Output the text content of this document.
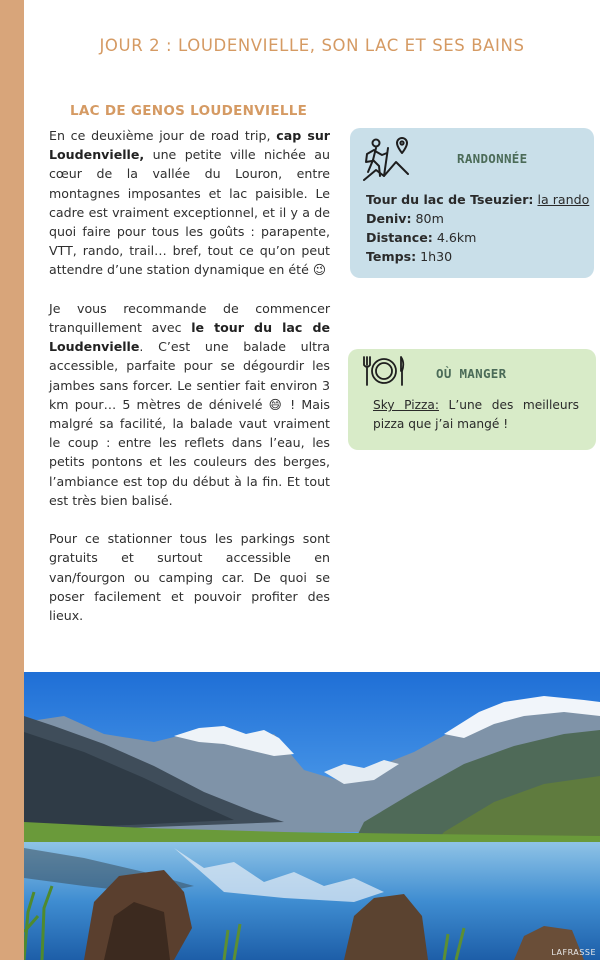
JOUR 2 : LOUDENVIELLE, SON LAC ET SES BAINS
LAC DE GENOS LOUDENVIELLE

En ce deuxième jour de road trip, cap sur Loudenvielle, une petite ville nichée au cœur de la vallée du Louron, entre montagnes imposantes et lac paisible. Le cadre est vraiment exceptionnel, et il y a de quoi faire pour tous les goûts : parapente, VTT, rando, trail… bref, tout ce qu’on peut attendre d’une station dynamique en été 😉

Je vous recommande de commencer tranquillement avec le tour du lac de Loudenvielle. C’est une balade ultra accessible, parfaite pour se dégourdir les jambes sans forcer. Le sentier fait environ 3 km pour… 5 mètres de dénivelé 😄 ! Mais malgré sa facilité, la balade vaut vraiment le coup : entre les reflets dans l’eau, les petits pontons et les couleurs des berges, l’ambiance est top du début à la fin. Et tout est très bien balisé.

Pour ce stationner tous les parkings sont gratuits et surtout accessible en van/fourgon ou camping car. De quoi se poser facilement et pouvoir profiter des lieux.

RANDONNÉE
Tour du lac de Tseuzier: la rando
Deniv: 80m
Distance: 4.6km
Temps: 1h30
OÙ MANGER
Sky Pizza: L’une des meilleurs pizza que j’ai mangé !
LAFRASSE
